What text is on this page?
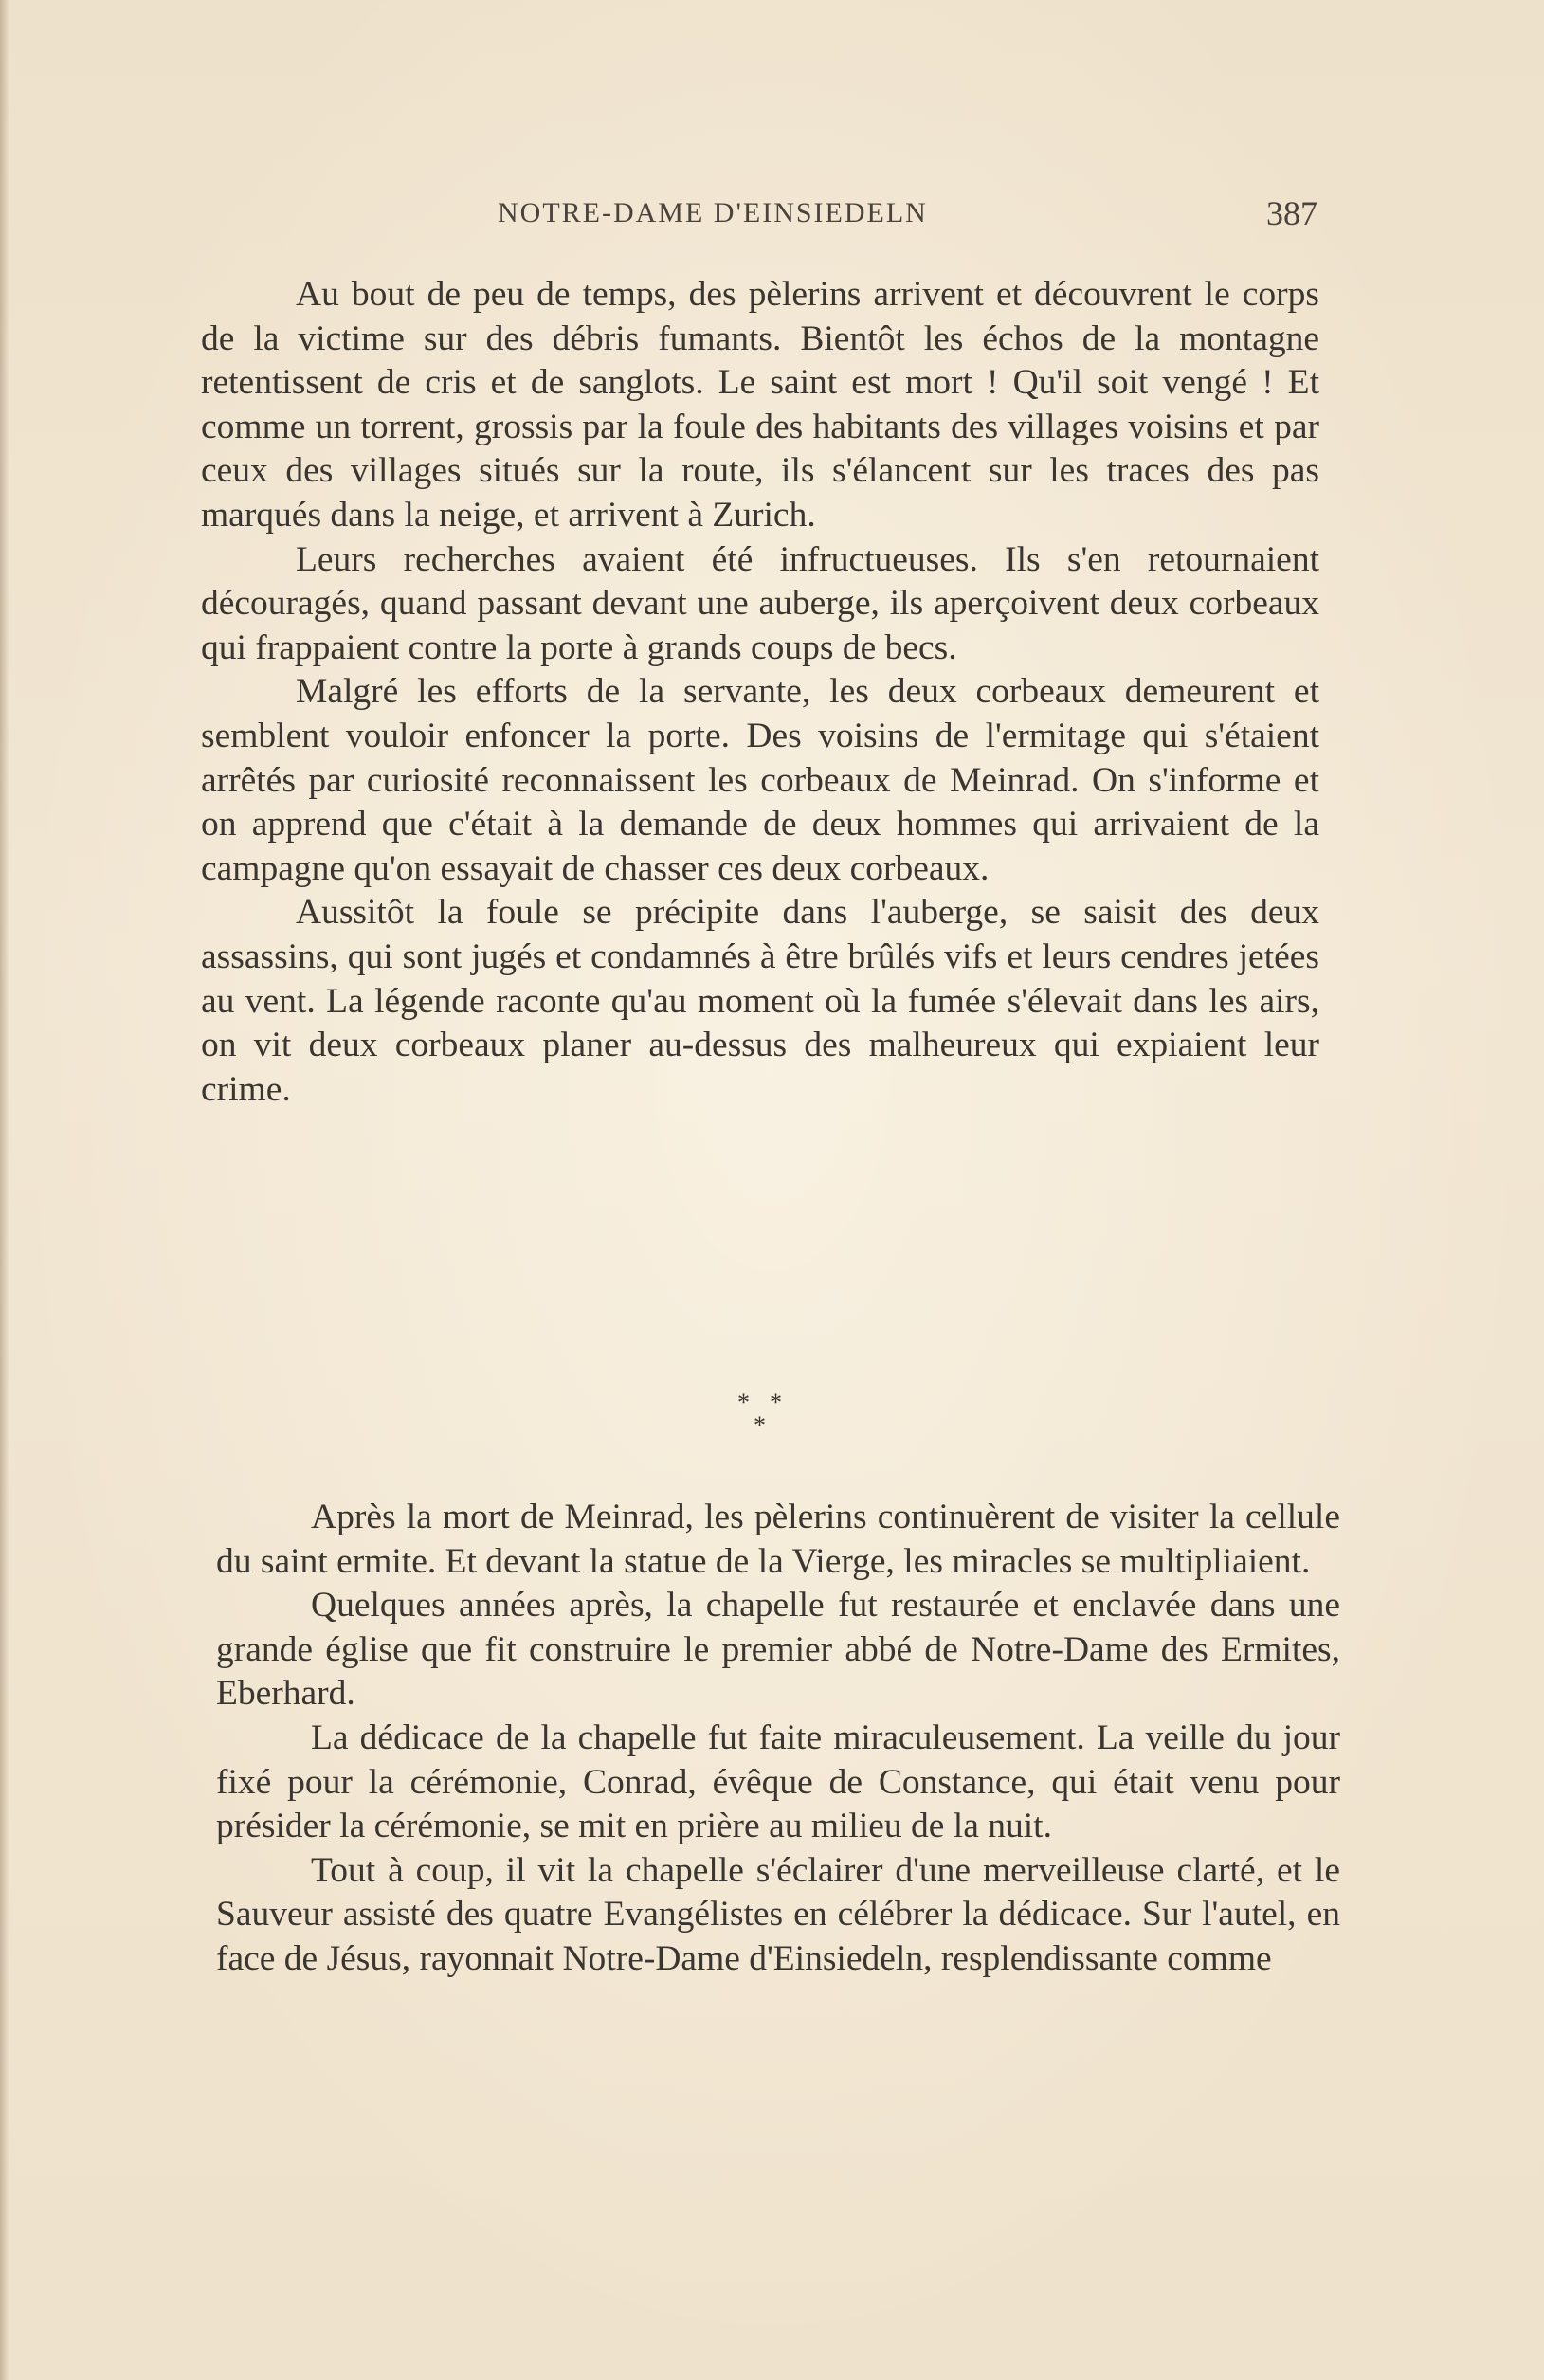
NOTRE-DAME D'EINSIEDELN	387

Au bout de peu de temps, des pèlerins arrivent et découvrent le corps de la victime sur des débris fumants. Bientôt les échos de la montagne retentissent de cris et de sanglots. Le saint est mort ! Qu'il soit vengé ! Et comme un torrent, grossis par la foule des habitants des villages voisins et par ceux des villages situés sur la route, ils s'élancent sur les traces des pas marqués dans la neige, et arrivent à Zurich.

Leurs recherches avaient été infructueuses. Ils s'en retournaient découragés, quand passant devant une auberge, ils aperçoivent deux corbeaux qui frappaient contre la porte à grands coups de becs.

Malgré les efforts de la servante, les deux corbeaux demeurent et semblent vouloir enfoncer la porte. Des voisins de l'ermitage qui s'étaient arrêtés par curiosité reconnaissent les corbeaux de Meinrad. On s'informe et on apprend que c'était à la demande de deux hommes qui arrivaient de la campagne qu'on essayait de chasser ces deux corbeaux.

Aussitôt la foule se précipite dans l'auberge, se saisit des deux assassins, qui sont jugés et condamnés à être brûlés vifs et leurs cendres jetées au vent. La légende raconte qu'au moment où la fumée s'élevait dans les airs, on vit deux corbeaux planer au-dessus des malheureux qui expiaient leur crime.

* *
*

Après la mort de Meinrad, les pèlerins continuèrent de visiter la cellule du saint ermite. Et devant la statue de la Vierge, les miracles se multipliaient.

Quelques années après, la chapelle fut restaurée et enclavée dans une grande église que fit construire le premier abbé de Notre-Dame des Ermites, Eberhard.

La dédicace de la chapelle fut faite miraculeusement. La veille du jour fixé pour la cérémonie, Conrad, évêque de Constance, qui était venu pour présider la cérémonie, se mit en prière au milieu de la nuit.

Tout à coup, il vit la chapelle s'éclairer d'une merveilleuse clarté, et le Sauveur assisté des quatre Evangélistes en célébrer la dédicace. Sur l'autel, en face de Jésus, rayonnait Notre-Dame d'Einsiedeln, resplendissante comme
